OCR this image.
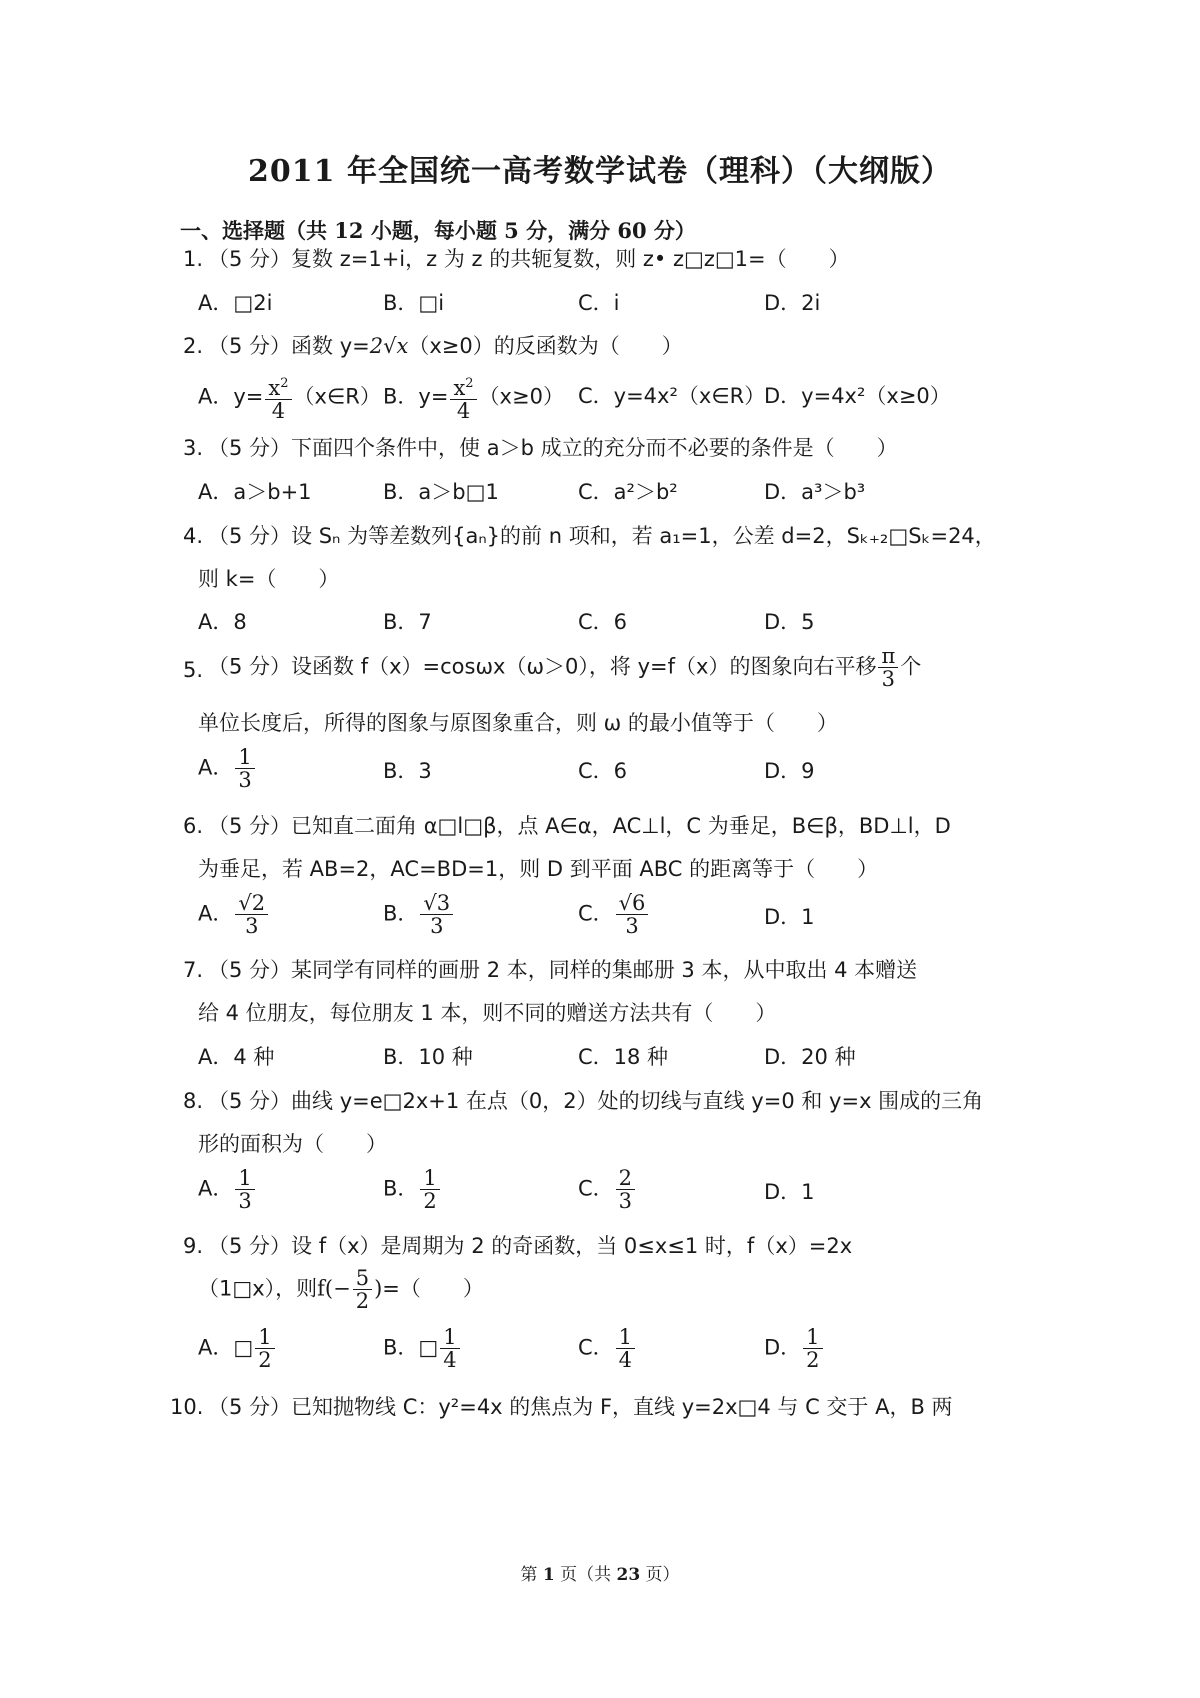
2011 年全国统一高考数学试卷（理科）（大纲版）
一、选择题（共 12 小题，每小题 5 分，满分 60 分）
1. （5 分）复数 z=1+i，z 为 z 的共轭复数，则 z• z□z□1=（　　）
A．□2i	B．□i	C．i	D．2i
2. （5 分）函数 y=2√x（x≥0）的反函数为（　　）
A．$y= \frac{x^2}{4}$ （x∈R） B．$y= \frac{x^2}{4} (x\ge 0)$ C．y=4x²（x∈R）
D．y=4x²（x≥0）
3. （5 分）下面四个条件中，使 a＞b 成立的充分而不必要的条件是（　　）
A．a＞b+1	B．a＞b□1	C．a²＞b²	D．a³＞b³
4. （5 分）设 Sₙ 为等差数列{aₙ}的前 n 项和，若 a₁=1，公差 d=2，Sₖ₊₂□Sₖ=24，
则 k=（　　）
A．8	B．7	C．6	D．5
5. （5 分）设函数 f（x）=cosωx（ω＞0），将 y=f（x）的图象向右平移 $\frac{\pi}{3}$ 个
单位长度后，所得的图象与原图象重合，则 ω 的最小值等于（　　）
A． $\frac{1}{3}$	B．3	C．6	D．9
6. （5 分）已知直二面角 α□l□β，点 A∈α，AC⊥l，C 为垂足，B∈β，BD⊥l，D
为垂足，若 AB=2，AC=BD=1，则 D 到平面 ABC 的距离等于（　　）
A． $\frac{√2}{3}$	B． $\frac{√3}{3}$	C． $\frac{√6}{3}$	D．1
7. （5 分）某同学有同样的画册 2 本，同样的集邮册 3 本，从中取出 4 本赠送
给 4 位朋友，每位朋友 1 本，则不同的赠送方法共有（　　）
A．4 种	B．10 种	C．18 种	D．20 种
8. （5 分）曲线 y=e□2x+1 在点（0，2）处的切线与直线 y=0 和 y=x 围成的三角
形的面积为（　　）
A． $\frac{1}{3}$	B． $\frac{1}{2}$	C． $\frac{2}{3}$	D．1
9. （5 分）设 f（x）是周期为 2 的奇函数，当 0≤x≤1 时，f（x）=2x
（1□x），则$f(- \frac{5}{2}$ )=（　　）
A．□ $\frac{1}{2}$	B．□ $\frac{1}{4}$	C． $\frac{1}{4}$	D． $\frac{1}{2}$
10. （5 分）已知抛物线 C：y²=4x 的焦点为 F，直线 y=2x□4 与 C 交于 A，B 两
第 1 页（共 23 页）
